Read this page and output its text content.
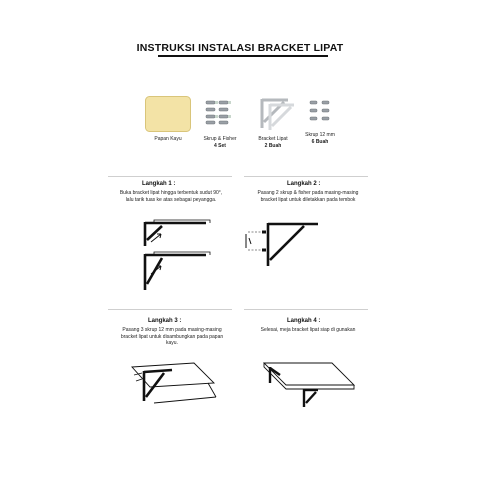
INSTRUKSI INSTALASI BRACKET LIPAT
Papan Kayu	Skrup & Fisher
4 Set
Bracket Lipat
2 Buah
Skrup 12 mm
6 Buah
Langkah 1 :
Buka bracket lipat hingga terbentuk sudut 90°, lalu tarik tuas ke atas sebagai peyangga.
Langkah 2 :
Pasang 2 skrup & fisher pada masing-masing bracket lipat untuk diletakkan pada tembok
Langkah 3 :
Pasang 3 skrup 12 mm pada masing-masing bracket lipat untuk disambungkan pada papan kayu.
Langkah 4 :
Selesai, meja bracket lipat siap di gunakan
